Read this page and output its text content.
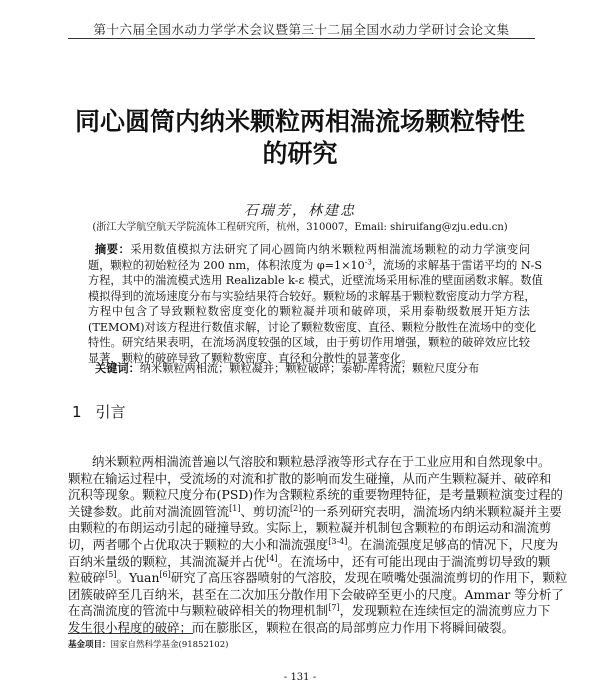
第十六届全国水动力学学术会议暨第三十二届全国水动力学研讨会论文集
同心圆筒内纳米颗粒两相湍流场颗粒特性
的研究
石瑞芳，林建忠
(浙江大学航空航天学院流体工程研究所，杭州，310007，Email: shiruifang@zju.edu.cn)
摘要：采用数值模拟方法研究了同心圆筒内纳米颗粒两相湍流场颗粒的动力学演变问
题，颗粒的初始粒径为 200 nm，体积浓度为 $\varphi=1\times 10^{-3}$，流场的求解基于雷诺平均的 N-S
方程，其中的湍流模式选用 Realizable k-ε 模式，近壁流场采用标准的壁面函数求解。数值
模拟得到的流场速度分布与实验结果符合较好。颗粒场的求解基于颗粒数密度动力学方程，
方程中包含了导致颗粒数密度变化的颗粒凝并项和破碎项，采用泰勒级数展开矩方法
(TEMOM)对该方程进行数值求解，讨论了颗粒数密度、直径、颗粒分散性在流场中的变化
特性。研究结果表明，在流场涡度较强的区域，由于剪切作用增强，颗粒的破碎效应比较
显著，颗粒的破碎导致了颗粒数密度、直径和分散性的显著变化。
关键词：纳米颗粒两相流；颗粒凝并；颗粒破碎；泰勒-库特流；颗粒尺度分布
1 引言
纳米颗粒两相湍流普遍以气溶胶和颗粒悬浮液等形式存在于工业应用和自然现象中。
颗粒在输运过程中，受流场的对流和扩散的影响而发生碰撞，从而产生颗粒凝并、破碎和
沉积等现象。颗粒尺度分布(PSD)作为含颗粒系统的重要物理特征，是考量颗粒演变过程的
关键参数。此前对湍流圆管流[1]、剪切流[2]的一系列研究表明，湍流场内纳米颗粒凝并主要
由颗粒的布朗运动引起的碰撞导致。实际上，颗粒凝并机制包含颗粒的布朗运动和湍流剪
切，两者哪个占优取决于颗粒的大小和湍流强度[3-4]。在湍流强度足够高的情况下，尺度为
百纳米量级的颗粒，其湍流凝并占优[4]。在流场中，还有可能出现由于湍流剪切导致的颗
粒破碎[5]。Yuan[6]研究了高压容器喷射的气溶胶，发现在喷嘴处强湍流剪切的作用下，颗粒
团簇破碎至几百纳米，甚至在二次加压分散作用下会破碎至更小的尺度。Ammar 等分析了
在高湍流度的管流中与颗粒破碎相关的物理机制[7]，发现颗粒在连续恒定的湍流剪应力下
发生很小程度的破碎；而在膨胀区，颗粒在很高的局部剪应力作用下将瞬间破裂。
基金项目：国家自然科学基金(91852102)
- 131 -
